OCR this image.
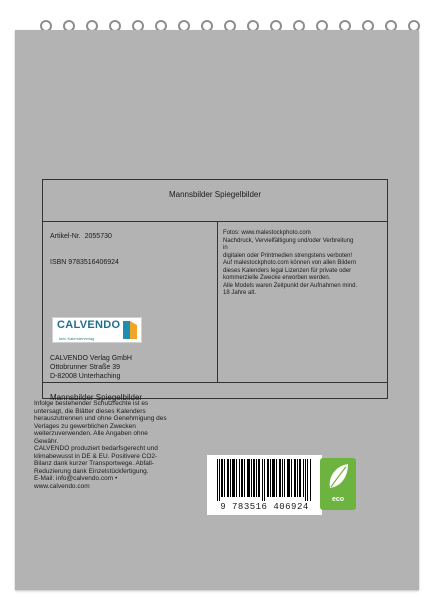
Mannsbilder Spiegelbilder
Artikel-Nr. 2055730
ISBN 9783516406924
CALVENDO
kein Kalenderverlag
CALVENDO Verlag GmbH
Ottobrunner Straße 39
D-82008 Unterhaching
Fotos: www.malestockphoto.com
Nachdruck, Vervielfältigung und/oder Verbreitung
in
digitalen oder Printmedien strengstens verboten!
Auf malestockphoto.com können von allen Bildern
dieses Kalenders legal Lizenzen für private oder
kommerzielle Zwecke erworben werden.
Alle Models waren Zeitpunkt der Aufnahmen mind.
18 Jahre alt.
Mannsbilder Spiegelbilder
Infolge bestehender Schutzrechte ist es
untersagt, die Blätter dieses Kalenders
herauszutrennen und ohne Genehmigung des
Verlages zu gewerblichen Zwecken
weiterzuverwenden. Alle Angaben ohne
Gewähr.
CALVENDO produziert bedarfsgerecht und
klimabewusst in DE & EU. Positivere CO2-
Bilanz dank kurzer Transportwege. Abfall-
Reduzierung dank Einzelstückfertigung.
E-Mail: info@calvendo.com •
www.calvendo.com
9 783516 406924
eco
